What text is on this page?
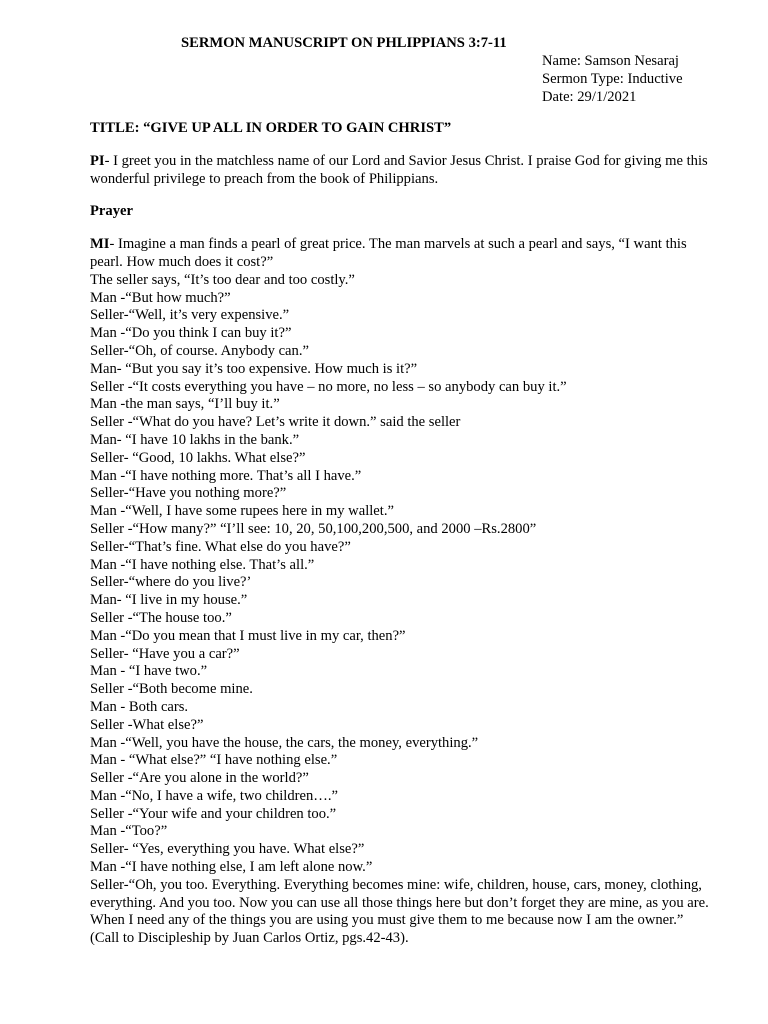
SERMON MANUSCRIPT ON PHLIPPIANS 3:7-11
Name: Samson Nesaraj
Sermon Type: Inductive
Date: 29/1/2021
TITLE: “GIVE UP ALL IN ORDER TO GAIN CHRIST”
PI- I greet you in the matchless name of our Lord and Savior Jesus Christ. I praise God for giving me this wonderful privilege to preach from the book of Philippians.
Prayer
MI- Imagine a man finds a pearl of great price. The man marvels at such a pearl and says, “I want this pearl. How much does it cost?”
The seller says, “It’s too dear and too costly.”
Man -“But how much?”
Seller-“Well, it’s very expensive.”
Man -“Do you think I can buy it?”
Seller-“Oh, of course. Anybody can.”
Man- “But you say it’s too expensive. How much is it?”
Seller -“It costs everything you have – no more, no less – so anybody can buy it.”
Man -the man says, “I’ll buy it.”
Seller -“What do you have? Let’s write it down.” said the seller
Man- “I have 10 lakhs in the bank.”
Seller- “Good, 10 lakhs. What else?”
Man -“I have nothing more. That’s all I have.”
Seller-“Have you nothing more?”
Man -“Well, I have some rupees here in my wallet.”
Seller -“How many?” “I’ll see: 10, 20, 50,100,200,500, and 2000 –Rs.2800”
Seller-“That’s fine. What else do you have?”
Man -“I have nothing else. That’s all.”
Seller-“where do you live?’
Man- “I live in my house.”
Seller -“The house too.”
Man -“Do you mean that I must live in my car, then?”
Seller- “Have you a car?”
Man - “I have two.”
Seller -“Both become mine.
Man - Both cars.
Seller -What else?”
Man -“Well, you have the house, the cars, the money, everything.”
Man - “What else?” “I have nothing else.”
Seller -“Are you alone in the world?”
Man -“No, I have a wife, two children….”
Seller -“Your wife and your children too.”
Man -“Too?”
Seller- “Yes, everything you have. What else?”
Man -“I have nothing else, I am left alone now.”
Seller-“Oh, you too. Everything. Everything becomes mine: wife, children, house, cars, money, clothing, everything. And you too. Now you can use all those things here but don’t forget they are mine, as you are. When I need any of the things you are using you must give them to me because now I am the owner.” (Call to Discipleship by Juan Carlos Ortiz, pgs.42-43).
